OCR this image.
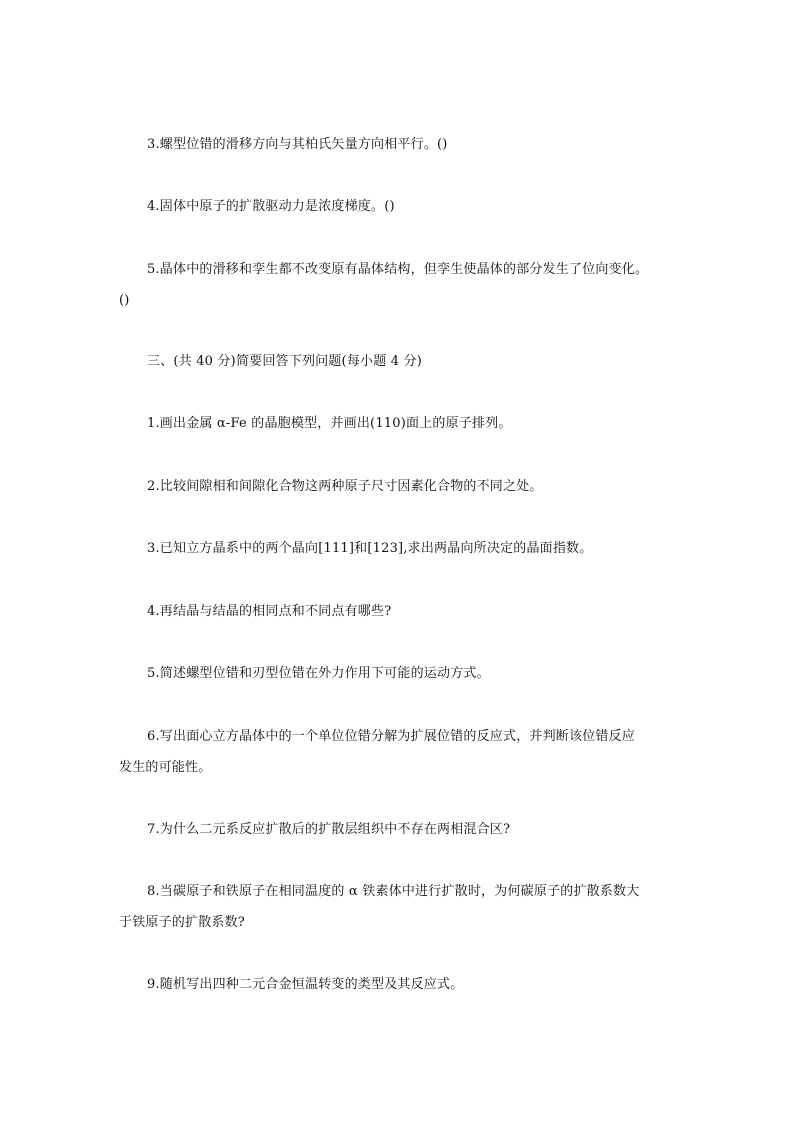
3.螺型位错的滑移方向与其柏氏矢量方向相平行。()
4.固体中原子的扩散驱动力是浓度梯度。()
5.晶体中的滑移和孪生都不改变原有晶体结构，但孪生使晶体的部分发生了位向变化。
()
三、(共 40 分)简要回答下列问题(每小题 4 分)
1.画出金属 α-Fe 的晶胞模型，并画出(110)面上的原子排列。
2.比较间隙相和间隙化合物这两种原子尺寸因素化合物的不同之处。
3.已知立方晶系中的两个晶向[111]和[123],求出两晶向所决定的晶面指数。
4.再结晶与结晶的相同点和不同点有哪些?
5.简述螺型位错和刃型位错在外力作用下可能的运动方式。
6.写出面心立方晶体中的一个单位位错分解为扩展位错的反应式，并判断该位错反应
发生的可能性。
7.为什么二元系反应扩散后的扩散层组织中不存在两相混合区?
8.当碳原子和铁原子在相同温度的 α 铁素体中进行扩散时，为何碳原子的扩散系数大
于铁原子的扩散系数?
9.随机写出四种二元合金恒温转变的类型及其反应式。
